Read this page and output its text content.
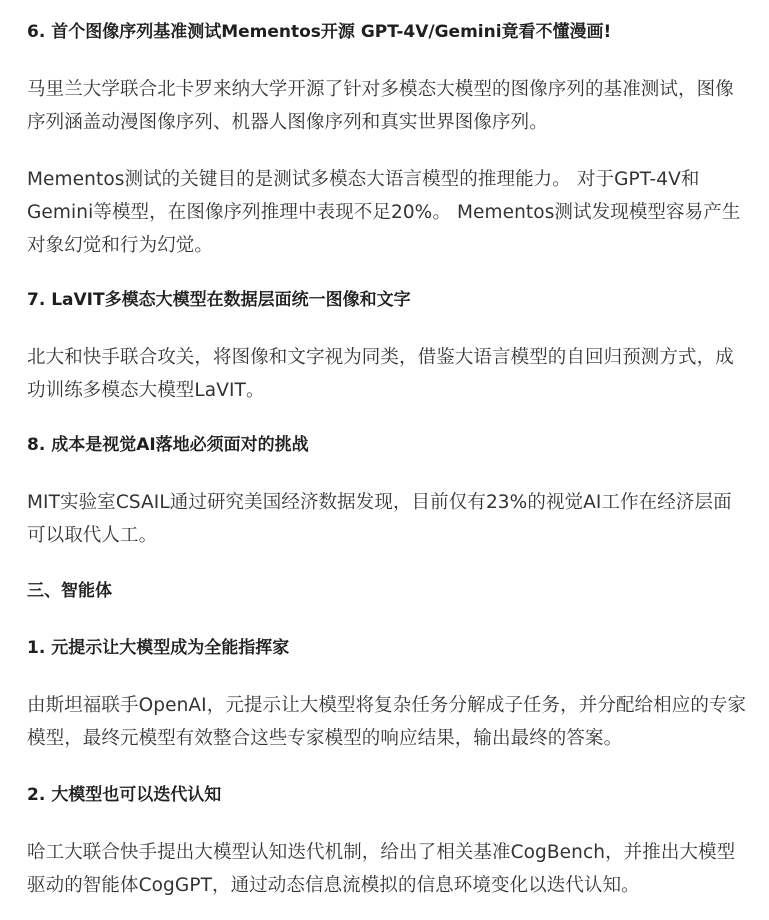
6. 首个图像序列基准测试Mementos开源 GPT-4V/Gemini竟看不懂漫画!

马里兰大学联合北卡罗来纳大学开源了针对多模态大模型的图像序列的基准测试，图像序列涵盖动漫图像序列、机器人图像序列和真实世界图像序列。

Mementos测试的关键目的是测试多模态大语言模型的推理能力。 对于GPT-4V和Gemini等模型，在图像序列推理中表现不足20%。 Mementos测试发现模型容易产生对象幻觉和行为幻觉。

7. LaVIT多模态大模型在数据层面统一图像和文字

北大和快手联合攻关，将图像和文字视为同类，借鉴大语言模型的自回归预测方式，成功训练多模态大模型LaVIT。

8. 成本是视觉AI落地必须面对的挑战

MIT实验室CSAIL通过研究美国经济数据发现，目前仅有23%的视觉AI工作在经济层面可以取代人工。

三、智能体
1. 元提示让大模型成为全能指挥家

由斯坦福联手OpenAI，元提示让大模型将复杂任务分解成子任务，并分配给相应的专家模型，最终元模型有效整合这些专家模型的响应结果，输出最终的答案。

2. 大模型也可以迭代认知

哈工大联合快手提出大模型认知迭代机制，给出了相关基准CogBench，并推出大模型驱动的智能体CogGPT，通过动态信息流模拟的信息环境变化以迭代认知。
